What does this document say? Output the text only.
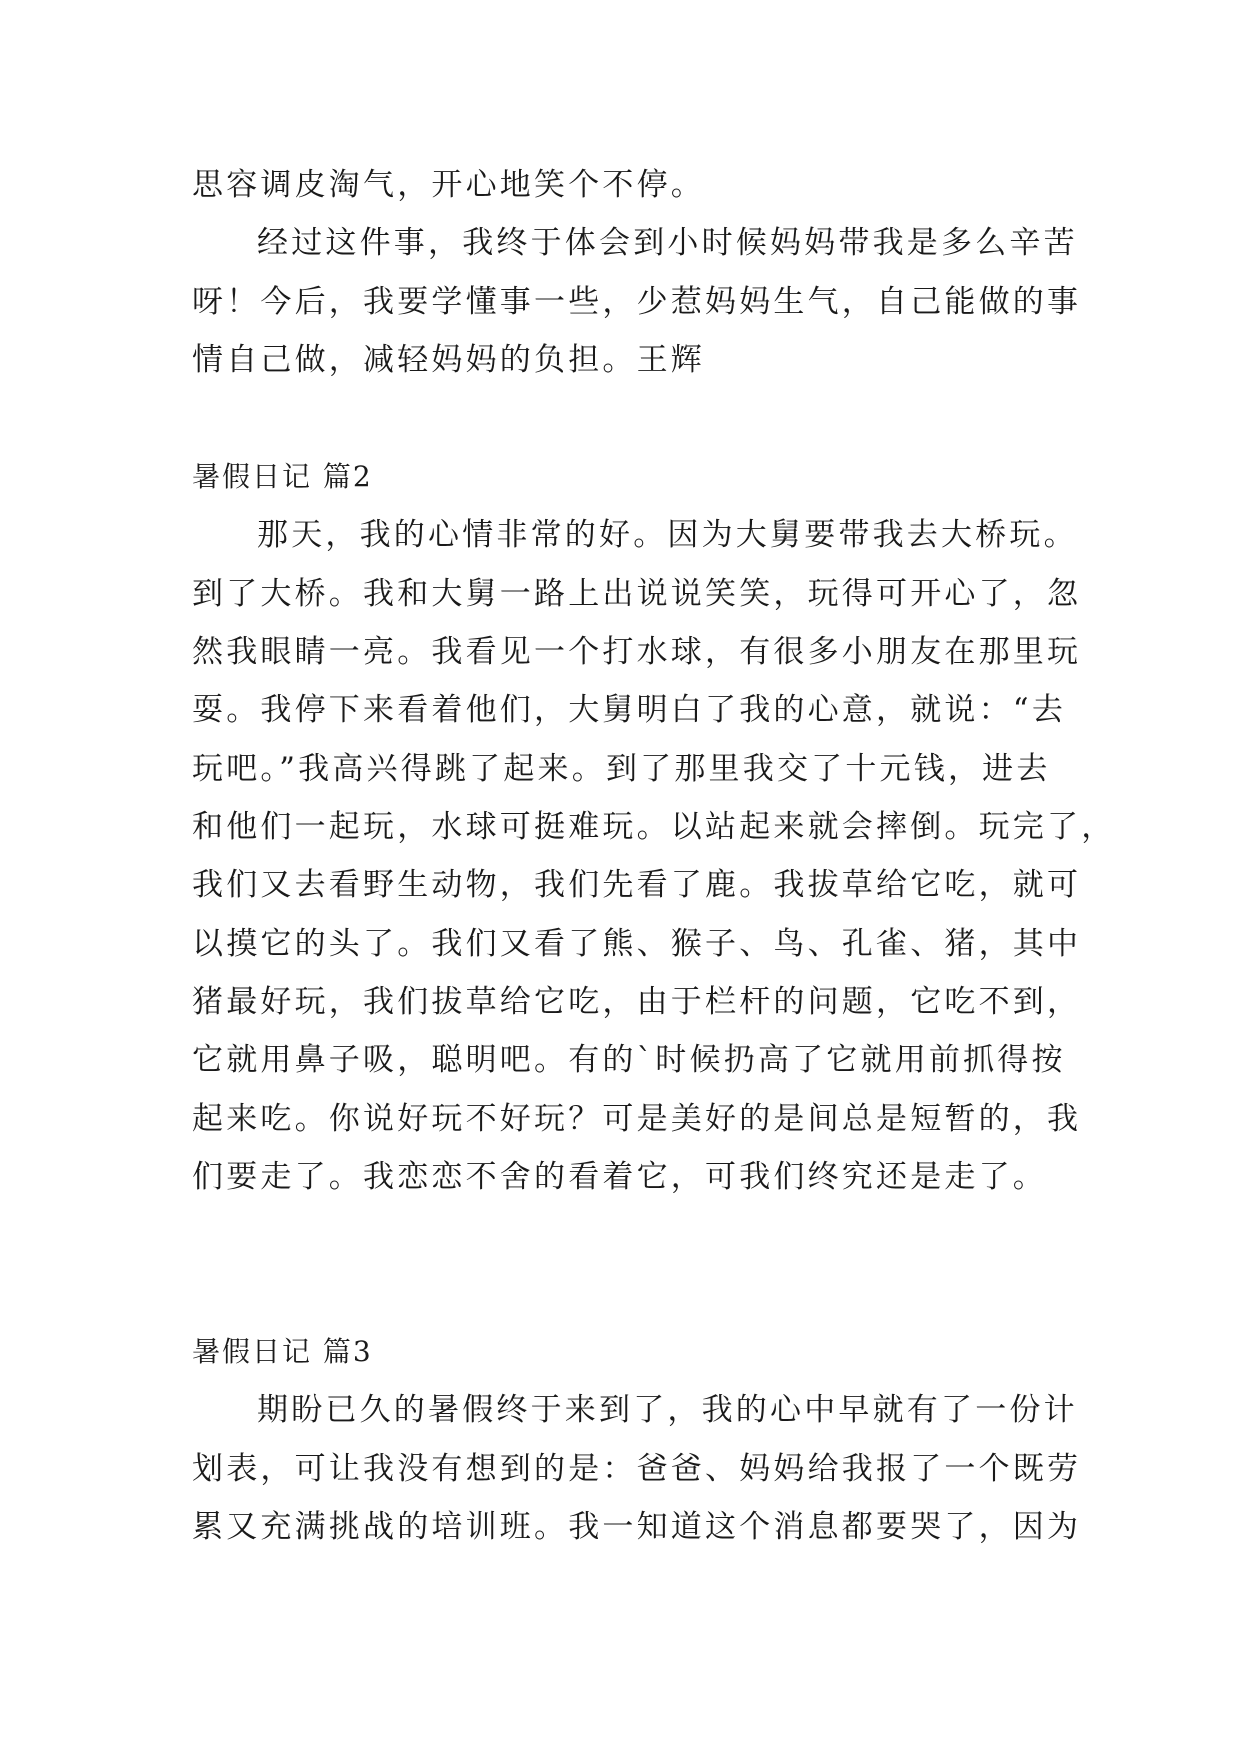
思容调皮淘气，开心地笑个不停。
经过这件事，我终于体会到小时候妈妈带我是多么辛苦
呀！今后，我要学懂事一些，少惹妈妈生气，自己能做的事
情自己做，减轻妈妈的负担。王辉
暑假日记 篇2
那天，我的心情非常的好。因为大舅要带我去大桥玩。
到了大桥。我和大舅一路上出说说笑笑，玩得可开心了，忽
然我眼睛一亮。我看见一个打水球，有很多小朋友在那里玩
耍。我停下来看着他们，大舅明白了我的心意，就说：“去
玩吧。”我高兴得跳了起来。到了那里我交了十元钱，进去
和他们一起玩，水球可挺难玩。以站起来就会摔倒。玩完了，
我们又去看野生动物，我们先看了鹿。我拔草给它吃，就可
以摸它的头了。我们又看了熊、猴子、鸟、孔雀、猪，其中
猪最好玩，我们拔草给它吃，由于栏杆的问题，它吃不到，
它就用鼻子吸，聪明吧。有的`时候扔高了它就用前抓得按
起来吃。你说好玩不好玩？可是美好的是间总是短暂的，我
们要走了。我恋恋不舍的看着它，可我们终究还是走了。
暑假日记 篇3
期盼已久的暑假终于来到了，我的心中早就有了一份计
划表，可让我没有想到的是：爸爸、妈妈给我报了一个既劳
累又充满挑战的培训班。我一知道这个消息都要哭了，因为
